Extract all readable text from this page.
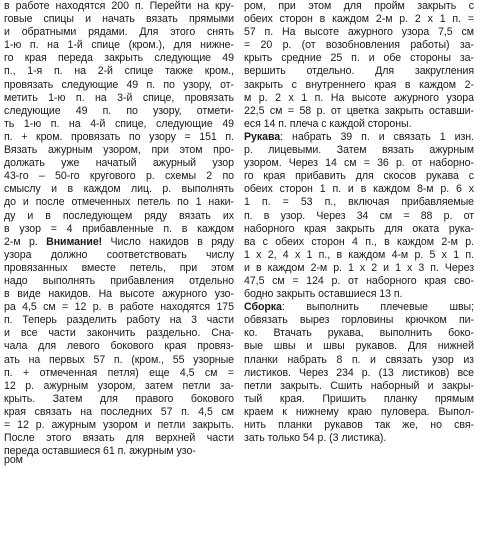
в работе находятся 200 п. Перейти на кру-
говые спицы и начать вязать прямыми
и обратными рядами. Для этого снять
1-ю п. на 1-й спице (кром.), для нижне-
го края переда закрыть следующие 49
п., 1-я п. на 2-й спице также кром.,
провязать следующие 49 п. по узору, от-
метить 1-ю п. на 3-й спице, провязать
следующие 49 п. по узору, отмети-
ть 1-ю п. на 4-й спице, следующие 49
п. + кром. провязать по узору = 151 п.
Вязать ажурным узором, при этом про-
должать уже начатый ажурный узор
43-го – 50-го кругового р. схемы 2 по
смыслу и в каждом лиц. р. выполнять
до и после отмеченных петель по 1 наки-
ду и в последующем ряду вязать их
в узор = 4 прибавленные п. в каждом
2-м р. Внимание! Число накидов в ряду
узора должно соответствовать числу
провязанных вместе петель, при этом
надо выполнять прибавления отдельно
в виде накидов. На высоте ажурного узо-
ра 4,5 см = 12 р. в работе находятся 175
п. Теперь разделить работу на 3 части
и все части закончить раздельно. Сна-
чала для левого бокового края провяз-
ать на первых 57 п. (кром., 55 узорные
п. + отмеченная петля) еще 4,5 см =
12 р. ажурным узором, затем петли за-
крыть. Затем для правого бокового
края связать на последних 57 п. 4,5 см
= 12 р. ажурным узором и петли закрыть.
После этого вязать для верхней части
переда оставшиеся 61 п. ажурным узо-
ром
ром, при этом для пройм закрыть с
обеих сторон в каждом 2-м р. 2 х 1 п. =
57 п. На высоте ажурного узора 7,5 см
= 20 р. (от возобновления работы) за-
крыть средние 25 п. и обе стороны за-
вершить отдельно. Для закругления
закрыть с внутреннего края в каждом 2-
м р. 2 х 1 п. На высоте ажурного узора
22,5 см = 58 р. от цветка закрыть оставши-
еся 14 п. плеча с каждой стороны.
Рукава: набрать 39 п. и связать 1 изн.
р. лицевыми. Затем вязать ажурным
узором. Через 14 см = 36 р. от наборно-
го края прибавить для скосов рукава с
обеих сторон 1 п. и в каждом 8-м р. 6 х
1 п. = 53 п., включая прибавляемые
п. в узор. Через 34 см = 88 р. от
наборного края закрыть для оката рука-
ва с обеих сторон 4 п., в каждом 2-м р.
1 х 2, 4 х 1 п., в каждом 4-м р. 5 х 1 п.
и в каждом 2-м р. 1 х 2 и 1 х 3 п. Через
47,5 см = 124 р. от наборного края сво-
бодно закрыть оставшиеся 13 п.
Сборка: выполнить плечевые швы;
обвязать вырез горловины крючком пи-
ко. Втачать рукава, выполнить боко-
вые швы и швы рукавов. Для нижней
планки набрать 8 п. и связать узор из
листиков. Через 234 р. (13 листиков) все
петли закрыть. Сшить наборный и закры-
тый края. Пришить планку прямым
краем к нижнему краю пуловера. Выпол-
нить планки рукавов так же, но свя-
зать только 54 р. (3 листика).
